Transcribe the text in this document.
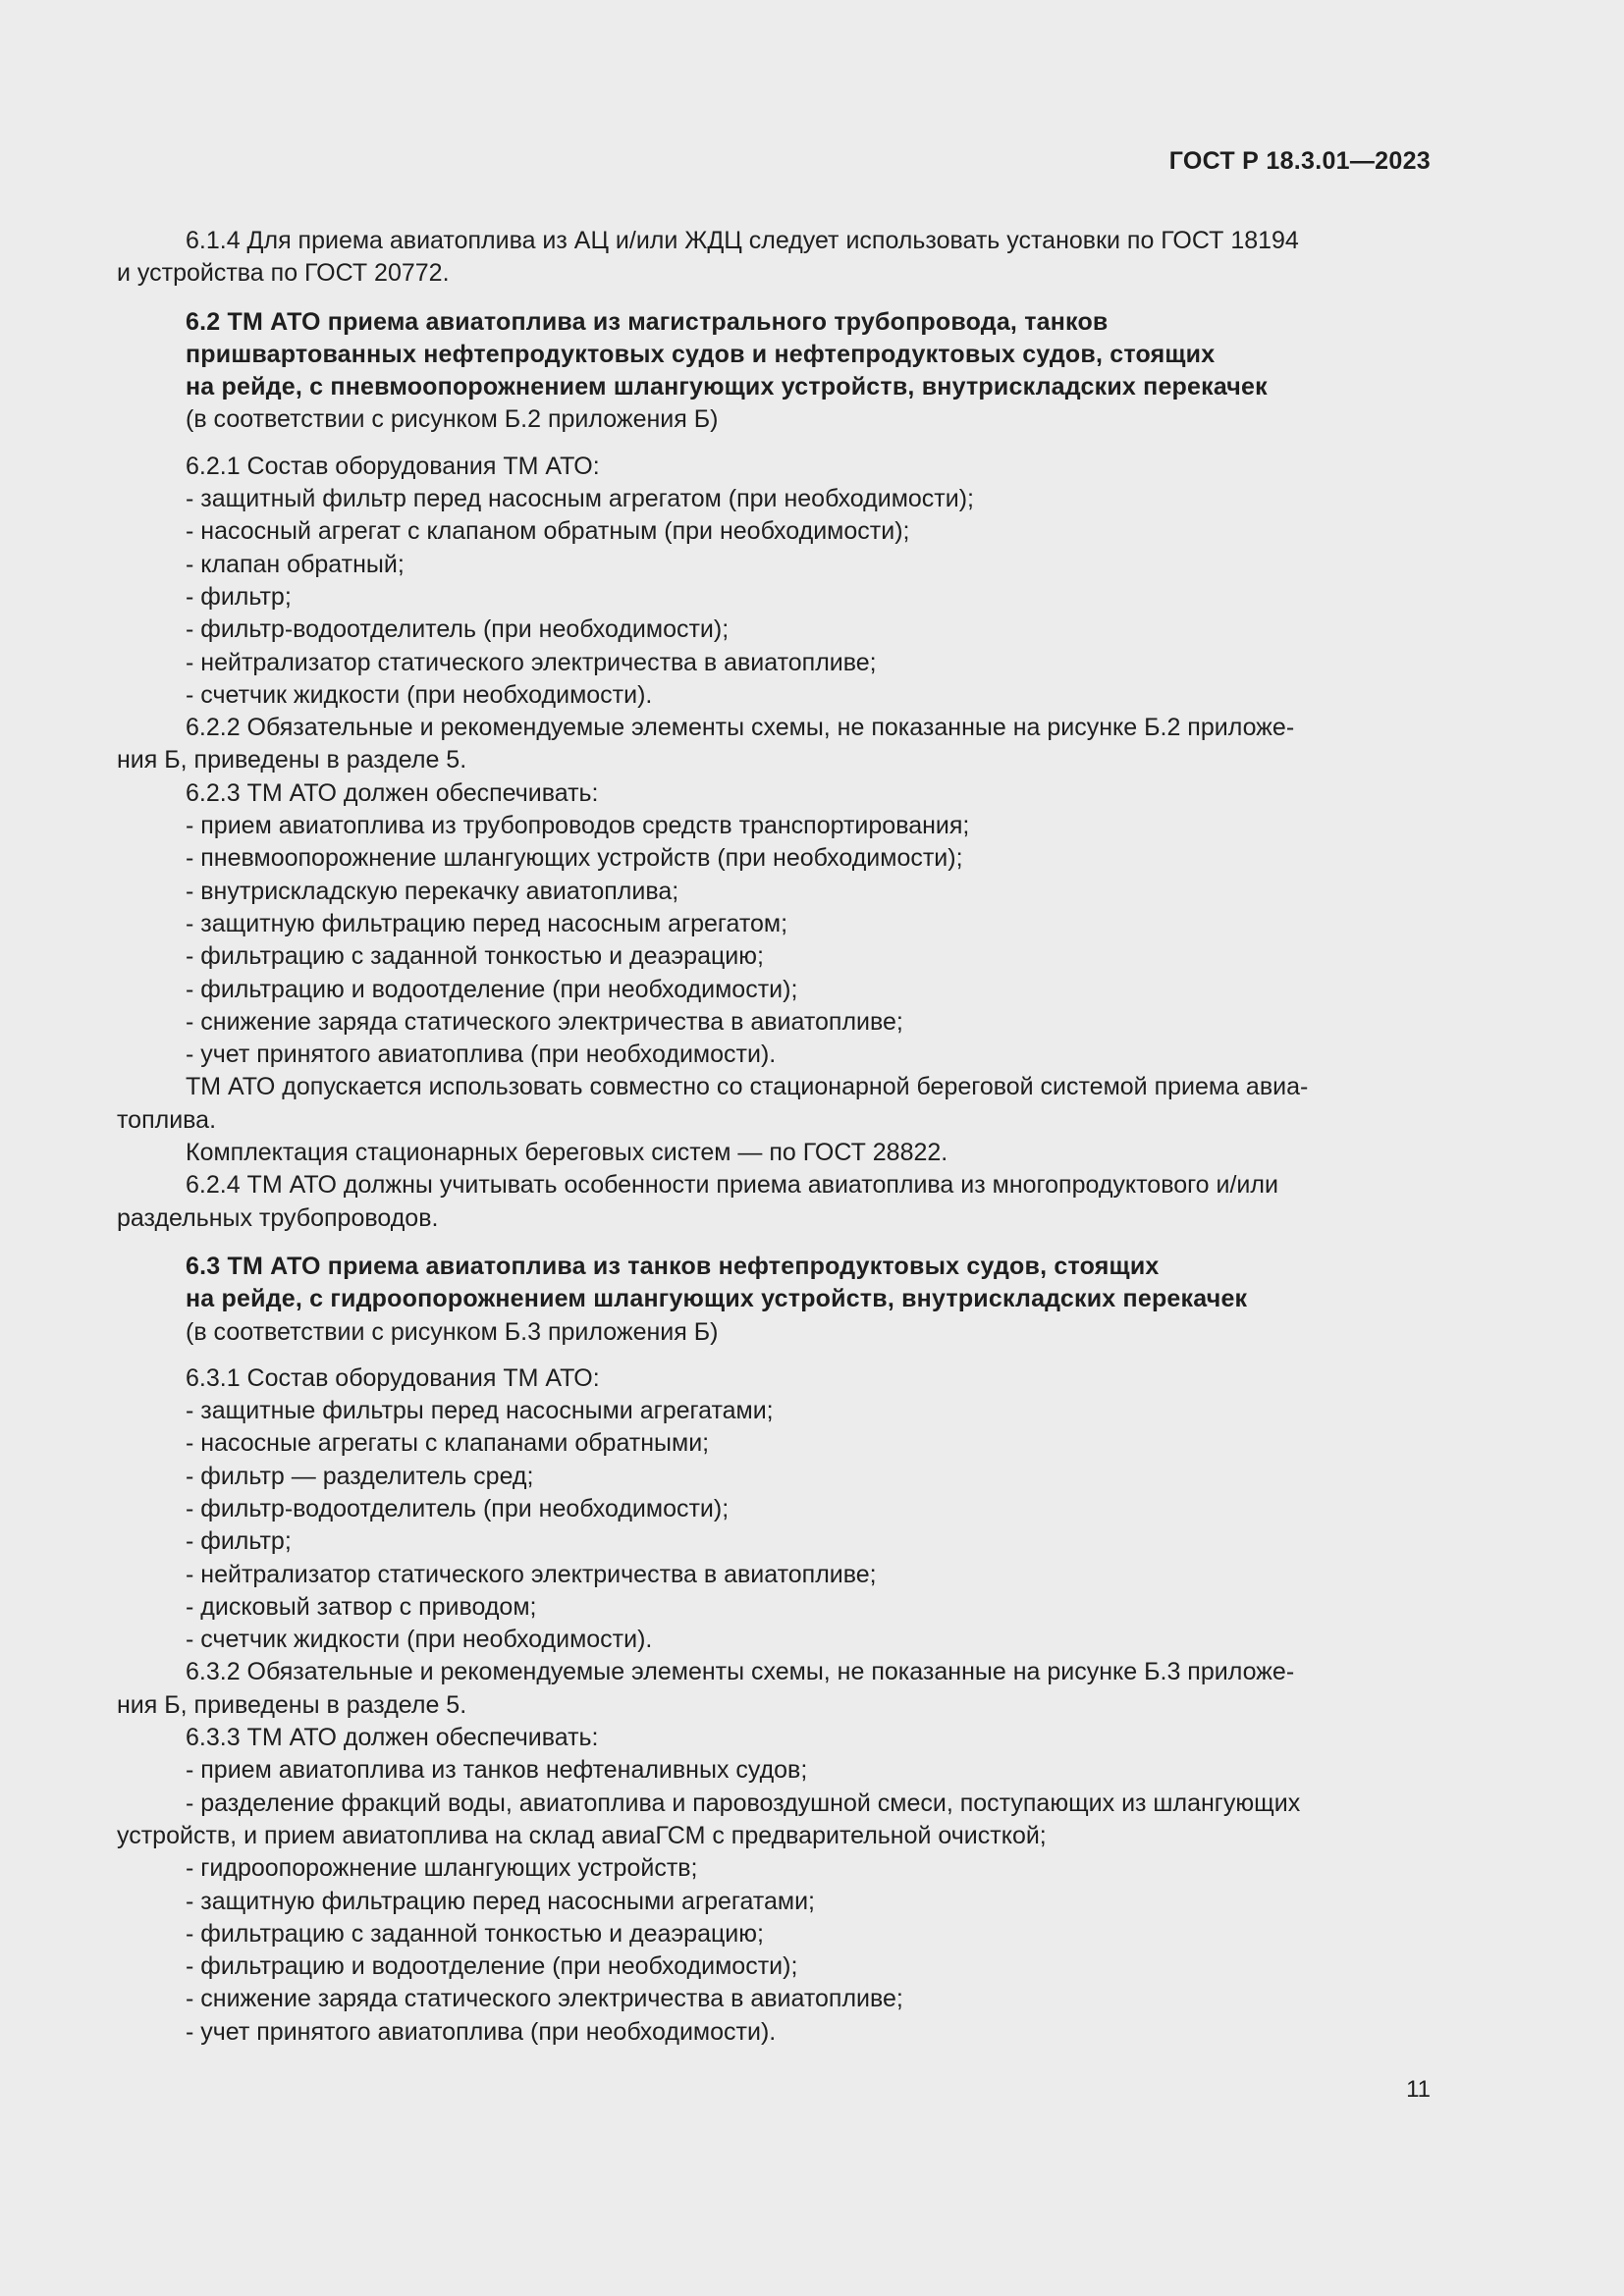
ГОСТ Р 18.3.01—2023

6.1.4 Для приема авиатоплива из АЦ и/или ЖДЦ следует использовать установки по ГОСТ 18194
и устройства по ГОСТ 20772.

6.2 ТМ АТО приема авиатоплива из магистрального трубопровода, танков
пришвартованных нефтепродуктовых судов и нефтепродуктовых судов, стоящих
на рейде, с пневмоопорожнением шлангующих устройств, внутрискладских перекачек

(в соответствии с рисунком Б.2 приложения Б)

6.2.1 Состав оборудования ТМ АТО:

- защитный фильтр перед насосным агрегатом (при необходимости);

- насосный агрегат с клапаном обратным (при необходимости);

- клапан обратный;

- фильтр;

- фильтр-водоотделитель (при необходимости);

- нейтрализатор статического электричества в авиатопливе;

- счетчик жидкости (при необходимости).

6.2.2 Обязательные и рекомендуемые элементы схемы, не показанные на рисунке Б.2 приложе-
ния Б, приведены в разделе 5.

6.2.3 ТМ АТО должен обеспечивать:

- прием авиатоплива из трубопроводов средств транспортирования;

- пневмоопорожнение шлангующих устройств (при необходимости);

- внутрискладскую перекачку авиатоплива;

- защитную фильтрацию перед насосным агрегатом;

- фильтрацию с заданной тонкостью и деаэрацию;

- фильтрацию и водоотделение (при необходимости);

- снижение заряда статического электричества в авиатопливе;

- учет принятого авиатоплива (при необходимости).

ТМ АТО допускается использовать совместно со стационарной береговой системой приема авиа-
топлива.

Комплектация стационарных береговых систем — по ГОСТ 28822.

6.2.4 ТМ АТО должны учитывать особенности приема авиатоплива из многопродуктового и/или
раздельных трубопроводов.

6.3 ТМ АТО приема авиатоплива из танков нефтепродуктовых судов, стоящих
на рейде, с гидроопорожнением шлангующих устройств, внутрискладских перекачек

(в соответствии с рисунком Б.3 приложения Б)

6.3.1 Состав оборудования ТМ АТО:

- защитные фильтры перед насосными агрегатами;

- насосные агрегаты с клапанами обратными;

- фильтр — разделитель сред;

- фильтр-водоотделитель (при необходимости);

- фильтр;

- нейтрализатор статического электричества в авиатопливе;

- дисковый затвор с приводом;

- счетчик жидкости (при необходимости).

6.3.2 Обязательные и рекомендуемые элементы схемы, не показанные на рисунке Б.3 приложе-
ния Б, приведены в разделе 5.

6.3.3 ТМ АТО должен обеспечивать:

- прием авиатоплива из танков нефтеналивных судов;

- разделение фракций воды, авиатоплива и паровоздушной смеси, поступающих из шлангующих
устройств, и прием авиатоплива на склад авиаГСМ с предварительной очисткой;

- гидроопорожнение шлангующих устройств;

- защитную фильтрацию перед насосными агрегатами;

- фильтрацию с заданной тонкостью и деаэрацию;

- фильтрацию и водоотделение (при необходимости);

- снижение заряда статического электричества в авиатопливе;

- учет принятого авиатоплива (при необходимости).

11
